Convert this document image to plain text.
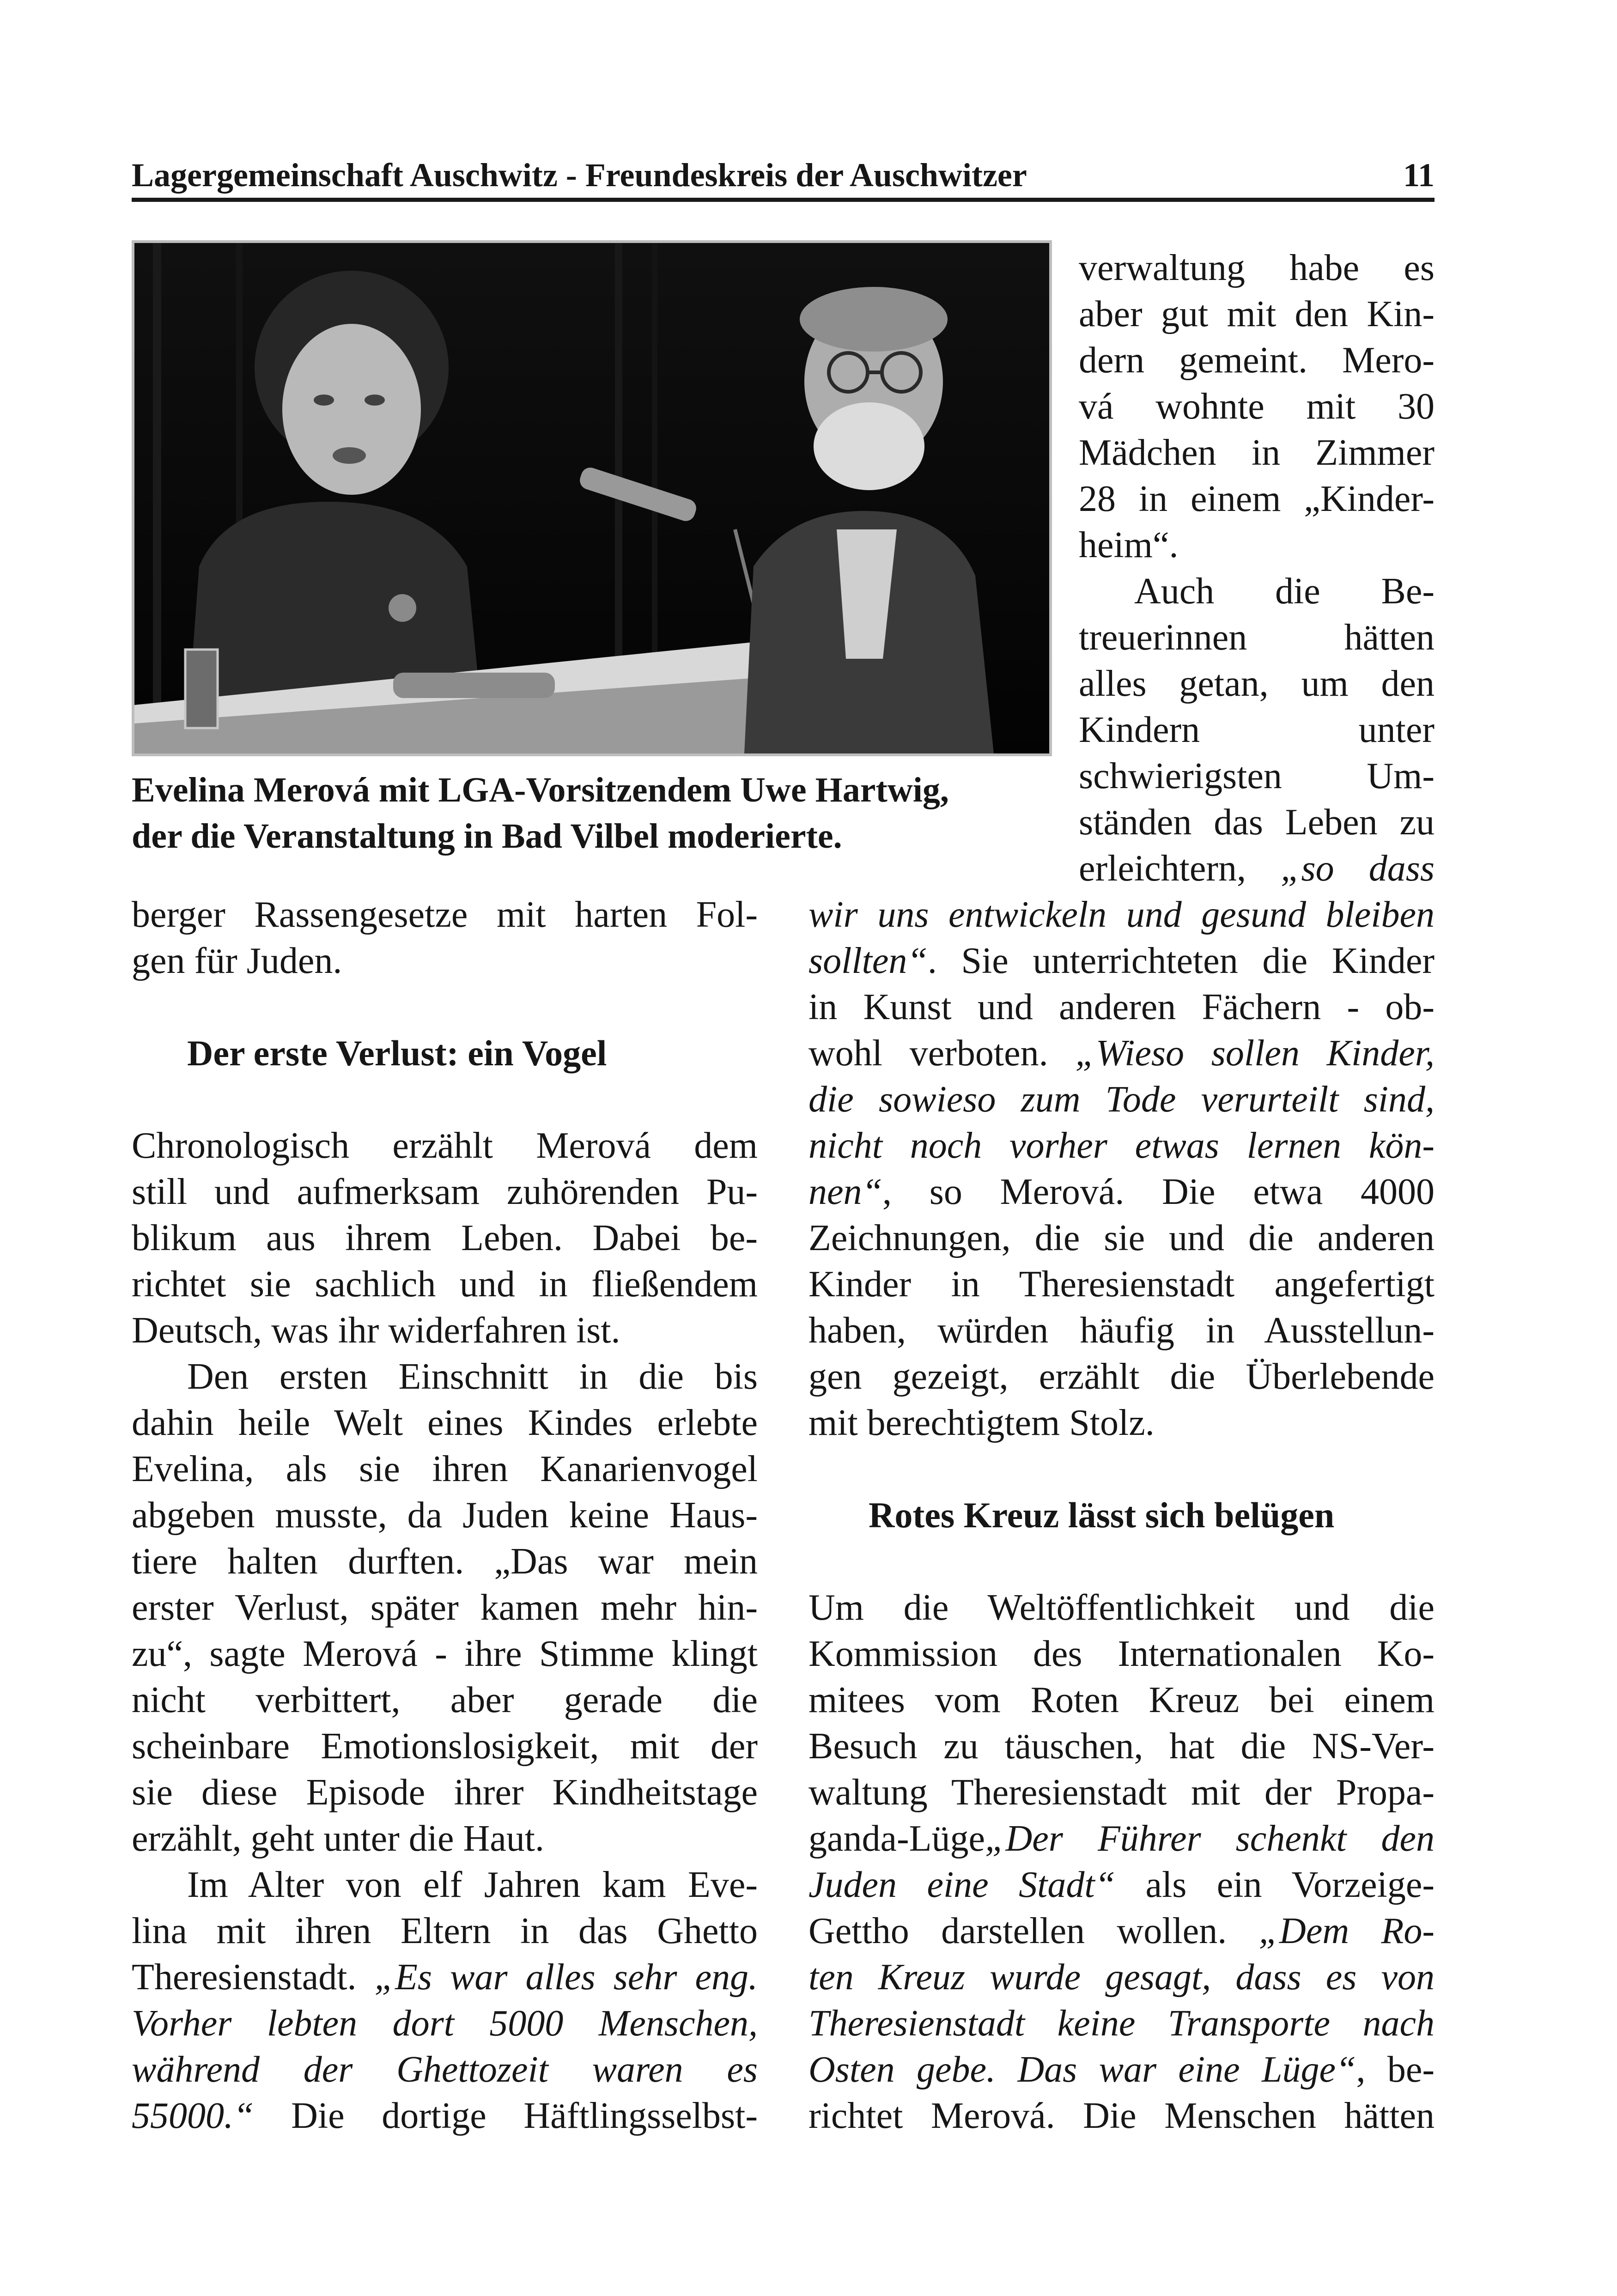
Lagergemeinschaft Auschwitz - Freundeskreis der Auschwitzer	11
Evelina Merová mit LGA-Vorsitzendem Uwe Hartwig,
der die Veranstaltung in Bad Vilbel moderierte.
verwaltung habe es
aber gut mit den Kin-
dern gemeint. Mero-
vá wohnte mit 30
Mädchen in Zimmer
28 in einem „Kinder-
heim“.
Auch die Be-
treuerinnen hätten
alles getan, um den
Kindern unter
schwierigsten Um-
ständen das Leben zu
erleichtern, „so dass
berger Rassengesetze mit harten Fol-
gen für Juden.
Der erste Verlust: ein Vogel
Chronologisch erzählt Merová dem
still und aufmerksam zuhörenden Pu-
blikum aus ihrem Leben. Dabei be-
richtet sie sachlich und in fließendem
Deutsch, was ihr widerfahren ist.
Den ersten Einschnitt in die bis
dahin heile Welt eines Kindes erlebte
Evelina, als sie ihren Kanarienvogel
abgeben musste, da Juden keine Haus-
tiere halten durften. „Das war mein
erster Verlust, später kamen mehr hin-
zu“, sagte Merová - ihre Stimme klingt
nicht verbittert, aber gerade die
scheinbare Emotionslosigkeit, mit der
sie diese Episode ihrer Kindheitstage
erzählt, geht unter die Haut.
Im Alter von elf Jahren kam Eve-
lina mit ihren Eltern in das Ghetto
Theresienstadt. „Es war alles sehr eng.
Vorher lebten dort 5000 Menschen,
während der Ghettozeit waren es
55000.“ Die dortige Häftlingsselbst-
wir uns entwickeln und gesund bleiben
sollten“. Sie unterrichteten die Kinder
in Kunst und anderen Fächern - ob-
wohl verboten. „Wieso sollen Kinder,
die sowieso zum Tode verurteilt sind,
nicht noch vorher etwas lernen kön-
nen“, so Merová. Die etwa 4000
Zeichnungen, die sie und die anderen
Kinder in Theresienstadt angefertigt
haben, würden häufig in Ausstellun-
gen gezeigt, erzählt die Überlebende
mit berechtigtem Stolz.
Rotes Kreuz lässt sich belügen
Um die Weltöffentlichkeit und die
Kommission des Internationalen Ko-
mitees vom Roten Kreuz bei einem
Besuch zu täuschen, hat die NS-Ver-
waltung Theresienstadt mit der Propa-
ganda-Lüge„Der Führer schenkt den
Juden eine Stadt“ als ein Vorzeige-
Gettho darstellen wollen. „Dem Ro-
ten Kreuz wurde gesagt, dass es von
Theresienstadt keine Transporte nach
Osten gebe. Das war eine Lüge“, be-
richtet Merová. Die Menschen hätten
